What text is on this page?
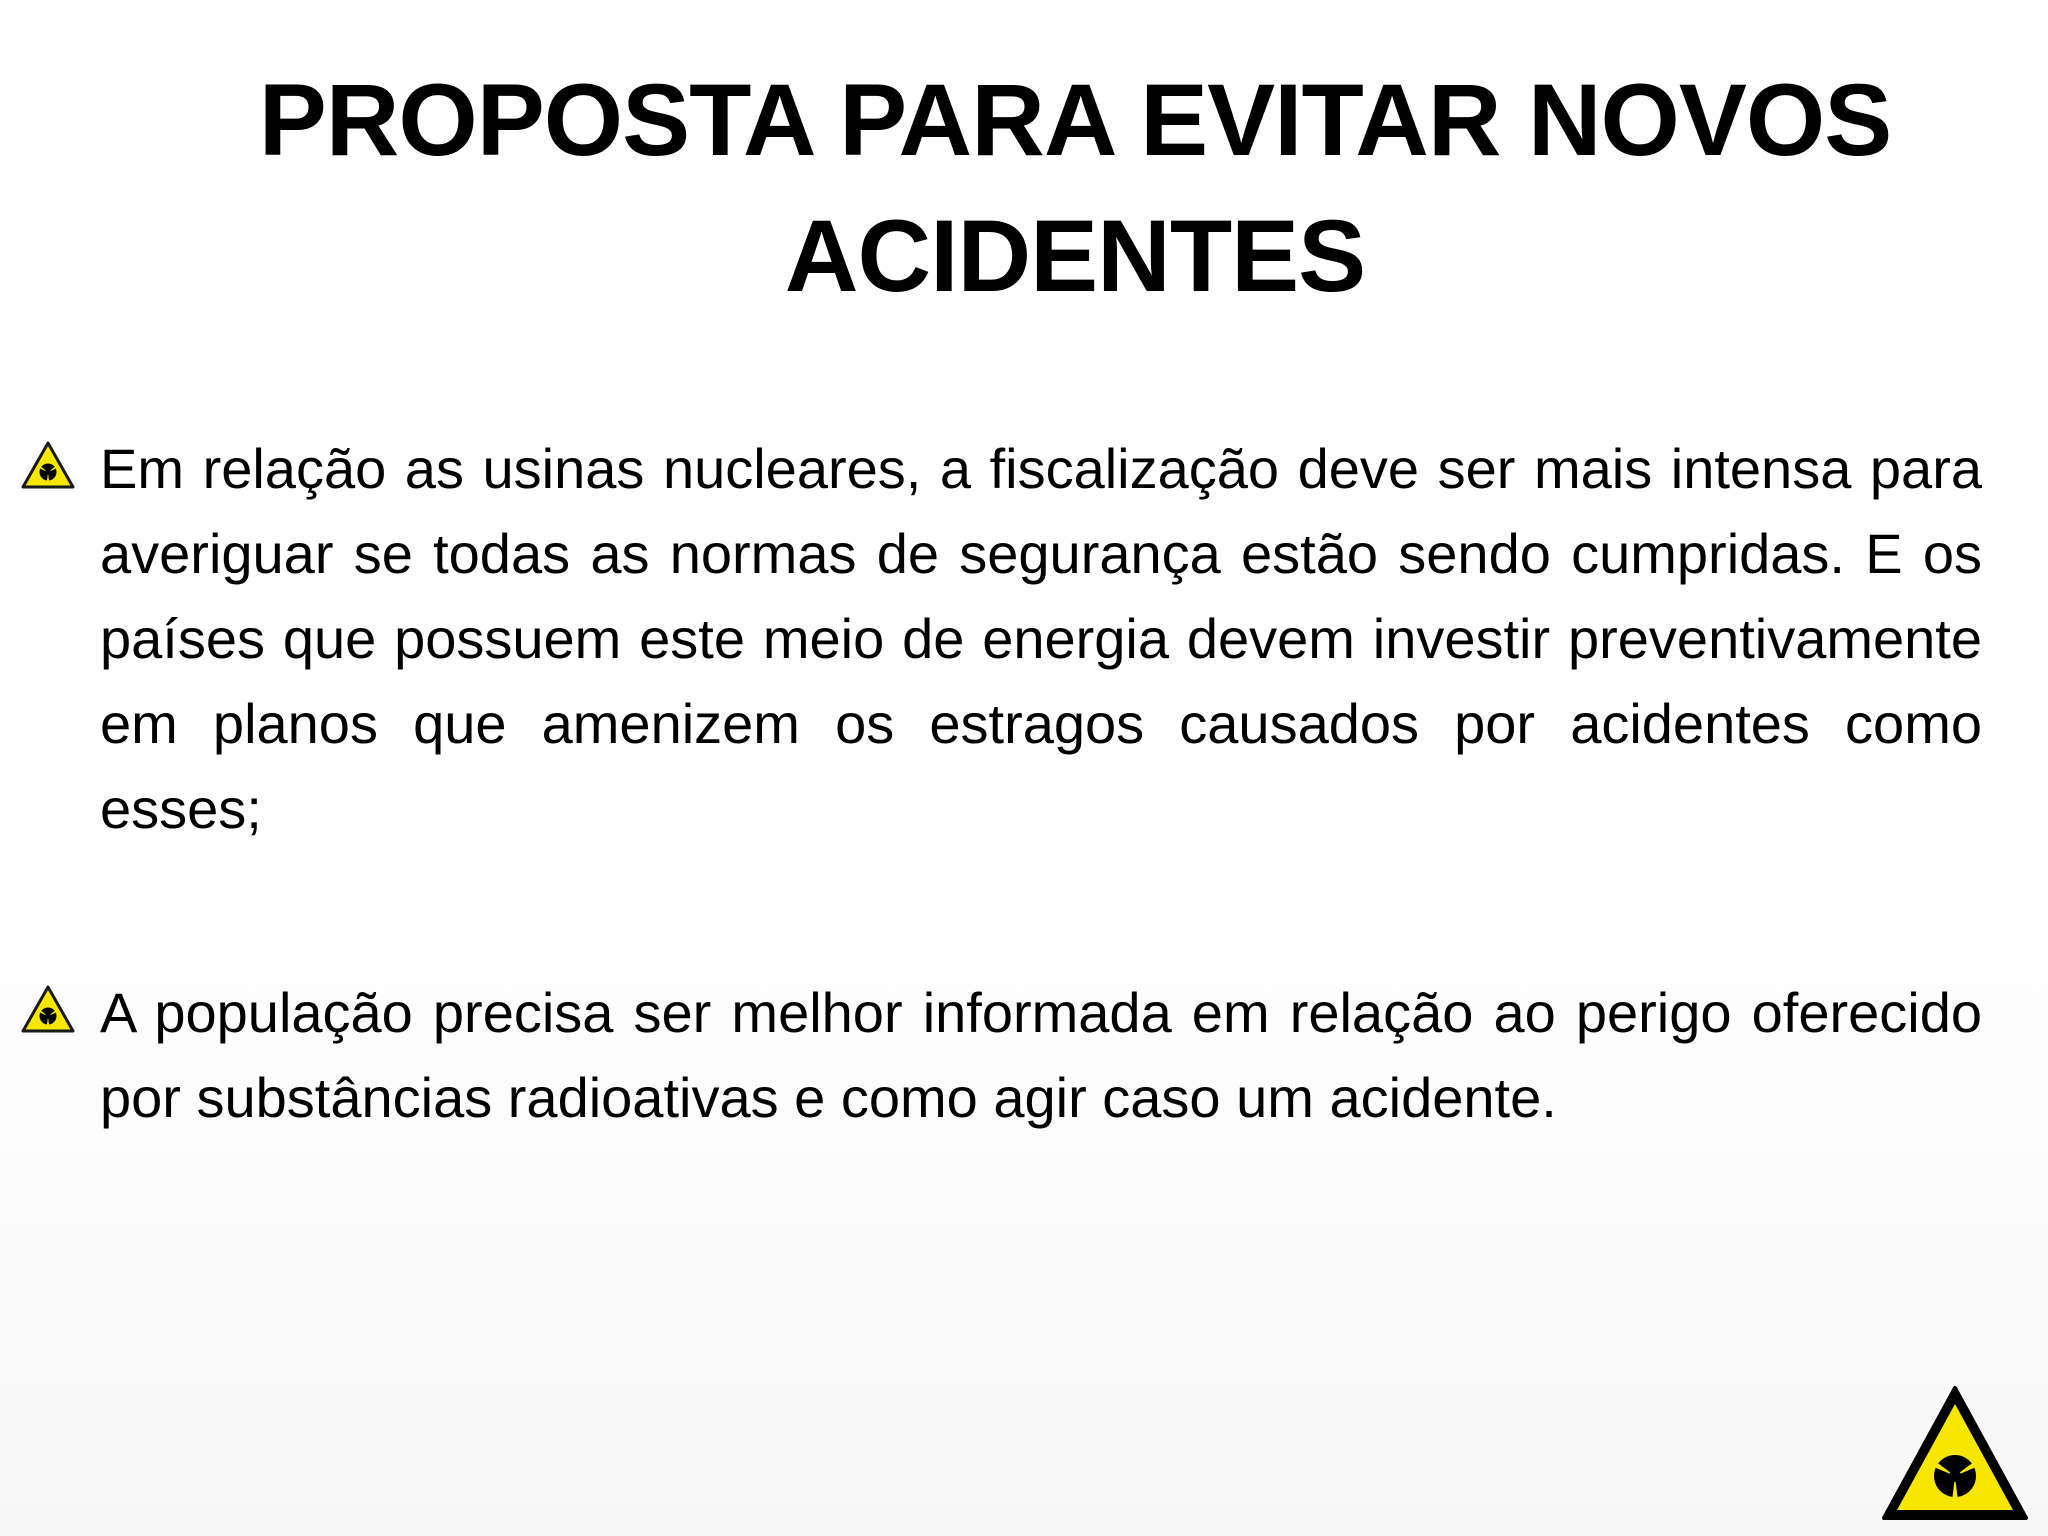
PROPOSTA PARA EVITAR NOVOS ACIDENTES

Em relação as usinas nucleares, a fiscalização deve ser mais intensa para averiguar se todas as normas de segurança estão sendo cumpridas. E os países que possuem este meio de energia devem investir preventivamente em planos que amenizem os estragos causados por acidentes como esses;

A população precisa ser melhor informada em relação ao perigo oferecido por substâncias radioativas e como agir caso um acidente.
